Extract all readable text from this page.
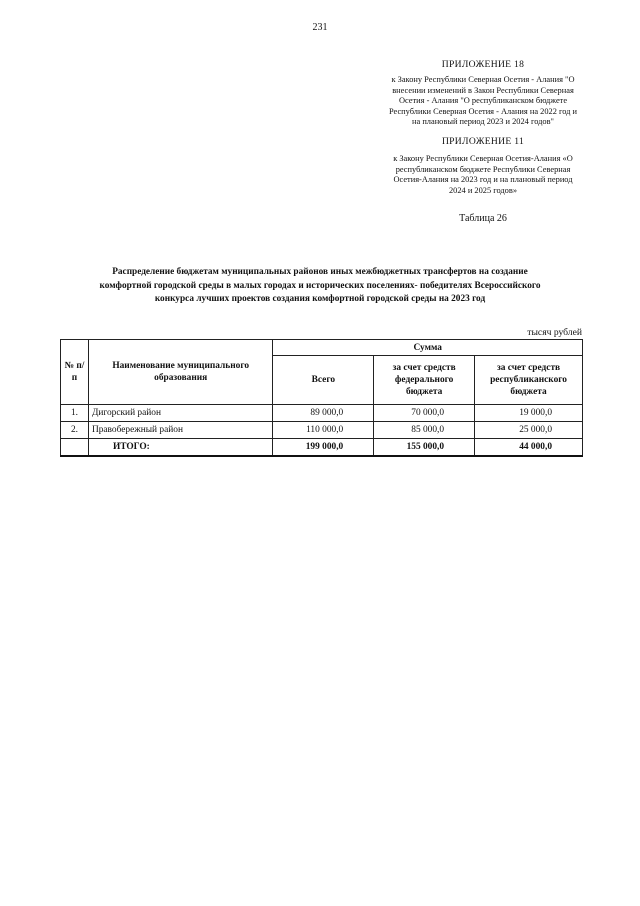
231
ПРИЛОЖЕНИЕ 18
к Закону Республики Северная Осетия - Алания "О
внесении изменений в Закон Республики Северная
Осетия - Алания "О республиканском бюджете
Республики Северная Осетия - Алания на 2022 год и
на плановый период 2023 и 2024 годов"
ПРИЛОЖЕНИЕ 11
к Закону Республики Северная Осетия-Алания «О
республиканском бюджете Республики Северная
Осетия-Алания на 2023 год и на плановый период
2024 и 2025 годов»
Таблица 26
Распределение бюджетам муниципальных районов иных межбюджетных трансфертов на создание
комфортной городской среды в малых городах и исторических поселениях- победителях Всероссийского
конкурса лучших проектов создания комфортной городской среды на 2023 год
тысяч рублей
№ п/п	Наименование муниципального образования	Сумма		
		Всего	за счет средств федерального бюджета	за счет средств республиканского бюджета
1.	Дигорский район	89 000,0	70 000,0	19 000,0
2.	Правобережный район	110 000,0	85 000,0	25 000,0
	ИТОГО:	199 000,0	155 000,0	44 000,0
